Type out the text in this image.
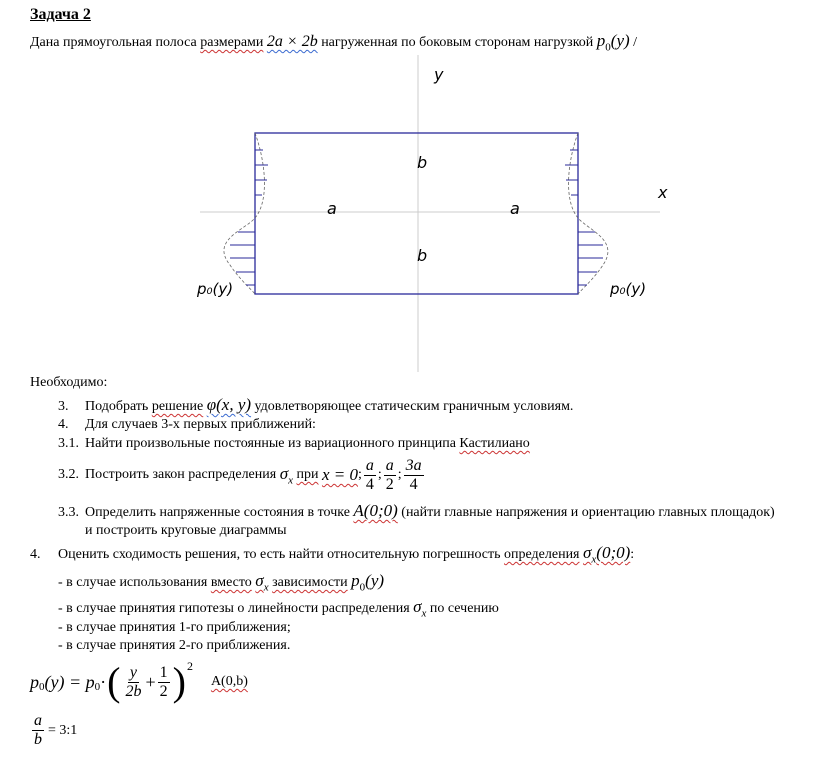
Задача 2
Дана прямоугольная полоса размерами 2a × 2b нагруженная по боковым сторонам нагрузкой $p_0(y)$ /
y
x
b
b
a	a
p₀(y)	p₀(y)
Необходимо:
3. Подобрать решение φ(x, y) удовлетворяющее статическим граничным условиям.
4. Для случаев 3-х первых приближений:
3.1. Найти произвольные постоянные из вариационного принципа Кастилиано
3.2. Построить закон распределения
$\sigma_x$
при
x = 0 ; $\frac{a}{4}$ ; $\frac{a}{2}$ ; $\frac{3a}{4}$
3.3. Определить напряженные состояния в точке A(0;0) (найти главные напряжения и ориентацию главных площадок)
и построить круговые диаграммы
4. Оценить сходимость решения, то есть найти относительную погрешность определения $\sigma_x(0;0)$:
- в случае использования вместо $\sigma_x$ зависимости $p_0(y)$
- в случае принятия гипотезы о линейности распределения $\sigma_x$ по сечению
- в случае принятия 1-го приближения;
- в случае принятия 2-го приближения.
$p_0$ (y) =
$p_0$ · ( $\frac{y}{2b} + \frac{1}{2} )^2$
A(0,b)
$\frac{a}{b}$ = 3:1
